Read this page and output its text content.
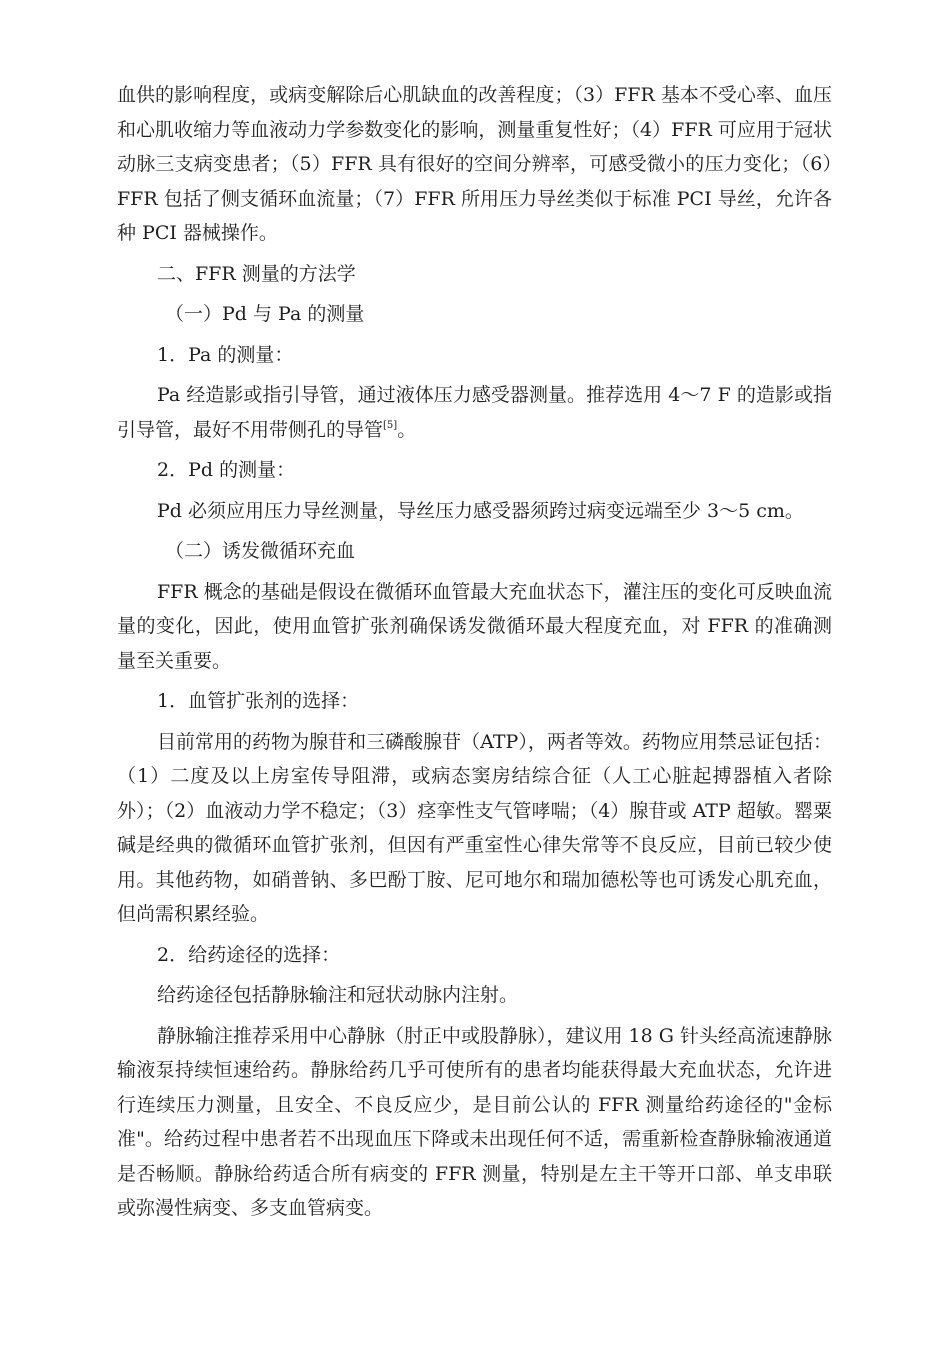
血供的影响程度，或病变解除后心肌缺血的改善程度；（3）FFR 基本不受心率、血压和心肌收缩力等血液动力学参数变化的影响，测量重复性好；（4）FFR 可应用于冠状动脉三支病变患者；（5）FFR 具有很好的空间分辨率，可感受微小的压力变化；（6）FFR 包括了侧支循环血流量；（7）FFR 所用压力导丝类似于标准 PCI 导丝，允许各种 PCI 器械操作。

二、FFR 测量的方法学
（一）Pd 与 Pa 的测量
1．Pa 的测量：

Pa 经造影或指引导管，通过液体压力感受器测量。推荐选用 4～7 F 的造影或指引导管，最好不用带侧孔的导管[5]。

2．Pd 的测量：

Pd 必须应用压力导丝测量，导丝压力感受器须跨过病变远端至少 3～5 cm。

（二）诱发微循环充血

FFR 概念的基础是假设在微循环血管最大充血状态下，灌注压的变化可反映血流量的变化，因此，使用血管扩张剂确保诱发微循环最大程度充血，对 FFR 的准确测量至关重要。

1．血管扩张剂的选择：

目前常用的药物为腺苷和三磷酸腺苷（ATP），两者等效。药物应用禁忌证包括：（1）二度及以上房室传导阻滞，或病态窦房结综合征（人工心脏起搏器植入者除外）；（2）血液动力学不稳定；（3）痉挛性支气管哮喘；（4）腺苷或 ATP 超敏。罂粟碱是经典的微循环血管扩张剂，但因有严重室性心律失常等不良反应，目前已较少使用。其他药物，如硝普钠、多巴酚丁胺、尼可地尔和瑞加德松等也可诱发心肌充血，但尚需积累经验。

2．给药途径的选择：

给药途径包括静脉输注和冠状动脉内注射。

静脉输注推荐采用中心静脉（肘正中或股静脉），建议用 18 G 针头经高流速静脉输液泵持续恒速给药。静脉给药几乎可使所有的患者均能获得最大充血状态，允许进行连续压力测量，且安全、不良反应少，是目前公认的 FFR 测量给药途径的"金标准"。给药过程中患者若不出现血压下降或未出现任何不适，需重新检查静脉输液通道是否畅顺。静脉给药适合所有病变的 FFR 测量，特别是左主干等开口部、单支串联或弥漫性病变、多支血管病变。
